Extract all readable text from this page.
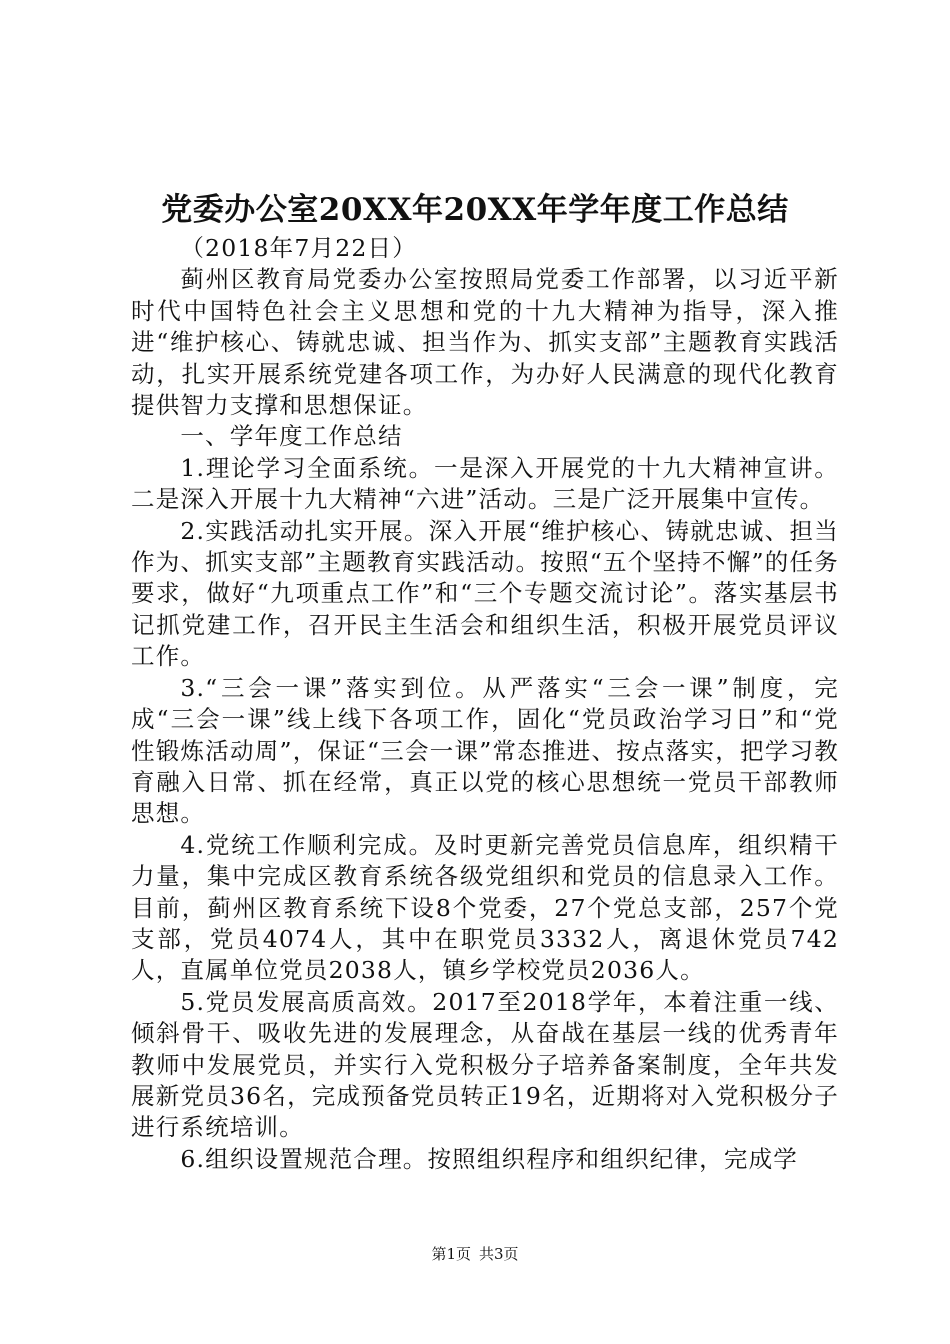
党委办公室20XX年20XX年学年度工作总结

（2018年7月22日）

蓟州区教育局党委办公室按照局党委工作部署，以习近平新时代中国特色社会主义思想和党的十九大精神为指导，深入推进“维护核心、铸就忠诚、担当作为、抓实支部”主题教育实践活动，扎实开展系统党建各项工作，为办好人民满意的现代化教育提供智力支撑和思想保证。

一、学年度工作总结

1.理论学习全面系统。一是深入开展党的十九大精神宣讲。二是深入开展十九大精神“六进”活动。三是广泛开展集中宣传。

2.实践活动扎实开展。深入开展“维护核心、铸就忠诚、担当作为、抓实支部”主题教育实践活动。按照“五个坚持不懈”的任务要求，做好“九项重点工作”和“三个专题交流讨论”。落实基层书记抓党建工作，召开民主生活会和组织生活，积极开展党员评议工作。

3.“三会一课”落实到位。从严落实“三会一课”制度，完成“三会一课”线上线下各项工作，固化“党员政治学习日”和“党性锻炼活动周”，保证“三会一课”常态推进、按点落实，把学习教育融入日常、抓在经常，真正以党的核心思想统一党员干部教师思想。

4.党统工作顺利完成。及时更新完善党员信息库，组织精干力量，集中完成区教育系统各级党组织和党员的信息录入工作。目前，蓟州区教育系统下设8个党委，27个党总支部，257个党支部，党员4074人，其中在职党员3332人，离退休党员742人，直属单位党员2038人，镇乡学校党员2036人。

5.党员发展高质高效。2017至2018学年，本着注重一线、倾斜骨干、吸收先进的发展理念，从奋战在基层一线的优秀青年教师中发展党员，并实行入党积极分子培养备案制度，全年共发展新党员36名，完成预备党员转正19名，近期将对入党积极分子进行系统培训。

6.组织设置规范合理。按照组织程序和组织纪律，完成学

第1页 共3页
